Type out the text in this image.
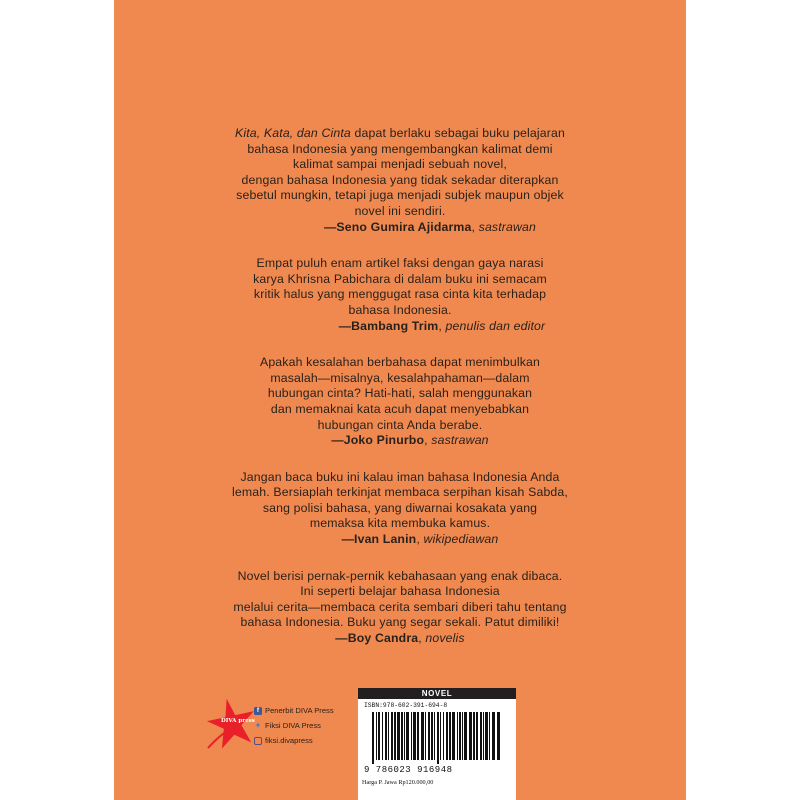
Kita, Kata, dan Cinta dapat berlaku sebagai buku pelajaran
bahasa Indonesia yang mengembangkan kalimat demi
kalimat sampai menjadi sebuah novel,
dengan bahasa Indonesia yang tidak sekadar diterapkan
sebetul mungkin, tetapi juga menjadi subjek maupun objek
novel ini sendiri.
—Seno Gumira Ajidarma, sastrawan
Empat puluh enam artikel faksi dengan gaya narasi
karya Khrisna Pabichara di dalam buku ini semacam
kritik halus yang menggugat rasa cinta kita terhadap
bahasa Indonesia.
—Bambang Trim, penulis dan editor
Apakah kesalahan berbahasa dapat menimbulkan
masalah—misalnya, kesalahpahaman—dalam
hubungan cinta? Hati-hati, salah menggunakan
dan memaknai kata acuh dapat menyebabkan
hubungan cinta Anda berabe.
—Joko Pinurbo, sastrawan
Jangan baca buku ini kalau iman bahasa Indonesia Anda
lemah. Bersiaplah terkinjat membaca serpihan kisah Sabda,
sang polisi bahasa, yang diwarnai kosakata yang
memaksa kita membuka kamus.
—Ivan Lanin, wikipediawan
Novel berisi pernak-pernik kebahasaan yang enak dibaca.
Ini seperti belajar bahasa Indonesia
melalui cerita—membaca cerita sembari diberi tahu tentang
bahasa Indonesia. Buku yang segar sekali. Patut dimiliki!
—Boy Candra, novelis
DIVA press
f Penerbit DIVA Press
✦ Fiksi DIVA Press
fiksi.divapress
NOVEL
ISBN:978-602-391-694-8
9 786023 916948
Harga P. Jawa Rp120.000,00
